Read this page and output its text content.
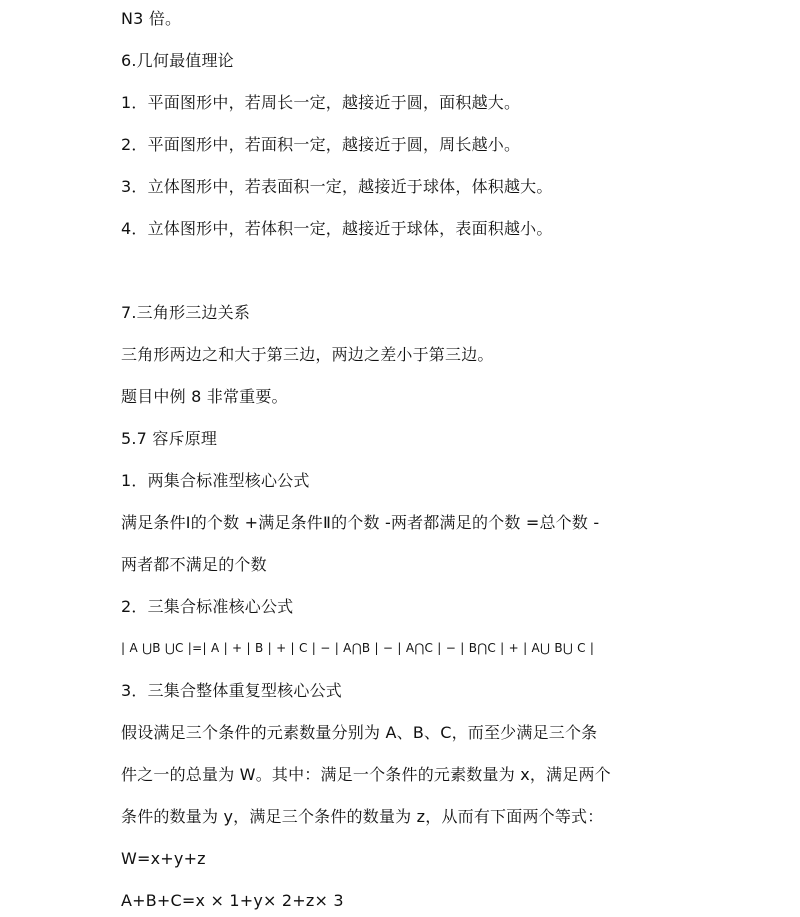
N3 倍。
6.几何最值理论
1．平面图形中，若周长一定，越接近于圆，面积越大。
2．平面图形中，若面积一定，越接近于圆，周长越小。
3．立体图形中，若表面积一定，越接近于球体，体积越大。
4．立体图形中，若体积一定，越接近于球体，表面积越小。
7.三角形三边关系
三角形两边之和大于第三边，两边之差小于第三边。
题目中例 8 非常重要。
5.7 容斥原理
1．两集合标准型核心公式
满足条件Ⅰ的个数 +满足条件Ⅱ的个数 -两者都满足的个数 =总个数 -
两者都不满足的个数
2．三集合标准核心公式
| A ⋃B ⋃C |=| A | + | B | + | C | − | A⋂B | − | A⋂C | − | B⋂C | + | A⋃ B⋃ C |
3．三集合整体重复型核心公式
假设满足三个条件的元素数量分别为 A、B、C，而至少满足三个条
件之一的总量为 W。其中：满足一个条件的元素数量为 x，满足两个
条件的数量为 y，满足三个条件的数量为 z，从而有下面两个等式：
W=x+y+z
A+B+C=x × 1+y× 2+z× 3
